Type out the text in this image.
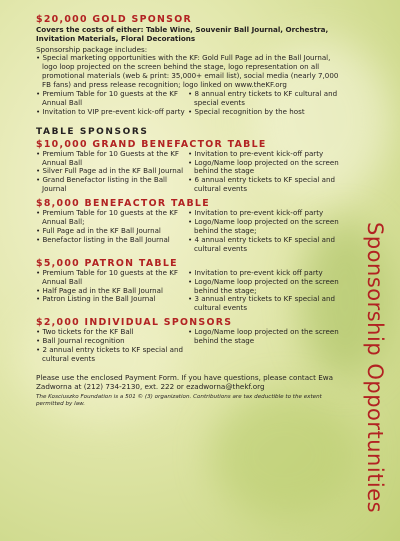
$20,000 GOLD SPONSOR
Covers the costs of either: Table Wine, Souvenir Ball Journal, Orchestra, Invitation Materials, Floral Decorations
Sponsorship package includes:
• Special marketing opportunities with the KF: Gold Full Page ad in the Ball Journal, logo loop projected on the screen behind the stage, logo representation on all promotional materials (web & print: 35,000+ email list), social media (nearly 7,000 FB fans) and press release recognition; logo linked on www.theKF.org
• Premium Table for 10 guests at the KF Annual Ball
• Invitation to VIP pre-event kick-off party
• 8 annual entry tickets to KF cultural and special events
• Special recognition by the host
TABLE SPONSORS
$10,000 GRAND BENEFACTOR TABLE
• Premium Table for 10 Guests at the KF Annual Ball
• Silver Full Page ad in the KF Ball Journal
• Grand Benefactor listing in the Ball Journal
• Invitation to pre-event kick-off party
• Logo/Name loop projected on the screen behind the stage
• 6 annual entry tickets to KF special and cultural events
$8,000 BENEFACTOR TABLE
• Premium Table for 10 guests at the KF Annual Ball;
• Full Page ad in the KF Ball Journal
• Benefactor listing in the Ball Journal
• Invitation to pre-event kick-off party
• Logo/Name loop projected on the screen behind the stage;
• 4 annual entry tickets to KF special and cultural events
$5,000 PATRON TABLE
• Premium Table for 10 guests at the KF Annual Ball
• Half Page ad in the KF Ball Journal
• Patron Listing in the Ball Journal
• Invitation to pre-event kick off party
• Logo/Name loop projected on the screen behind the stage;
• 3 annual entry tickets to KF special and cultural events
$2,000 INDIVIDUAL SPONSORS
• Two tickets for the KF Ball
• Ball Journal recognition
• 2 annual entry tickets to KF special and cultural events
• Logo/Name loop projected on the screen behind the stage
Please use the enclosed Payment Form. If you have questions, please contact Ewa Zadworna at (212) 734-2130, ext. 222 or ezadworna@thekf.org
The Kosciuszko Foundation is a 501 © (3) organization. Contributions are tax deductible to the extent permitted by law.	Sponsorship Opportunities
